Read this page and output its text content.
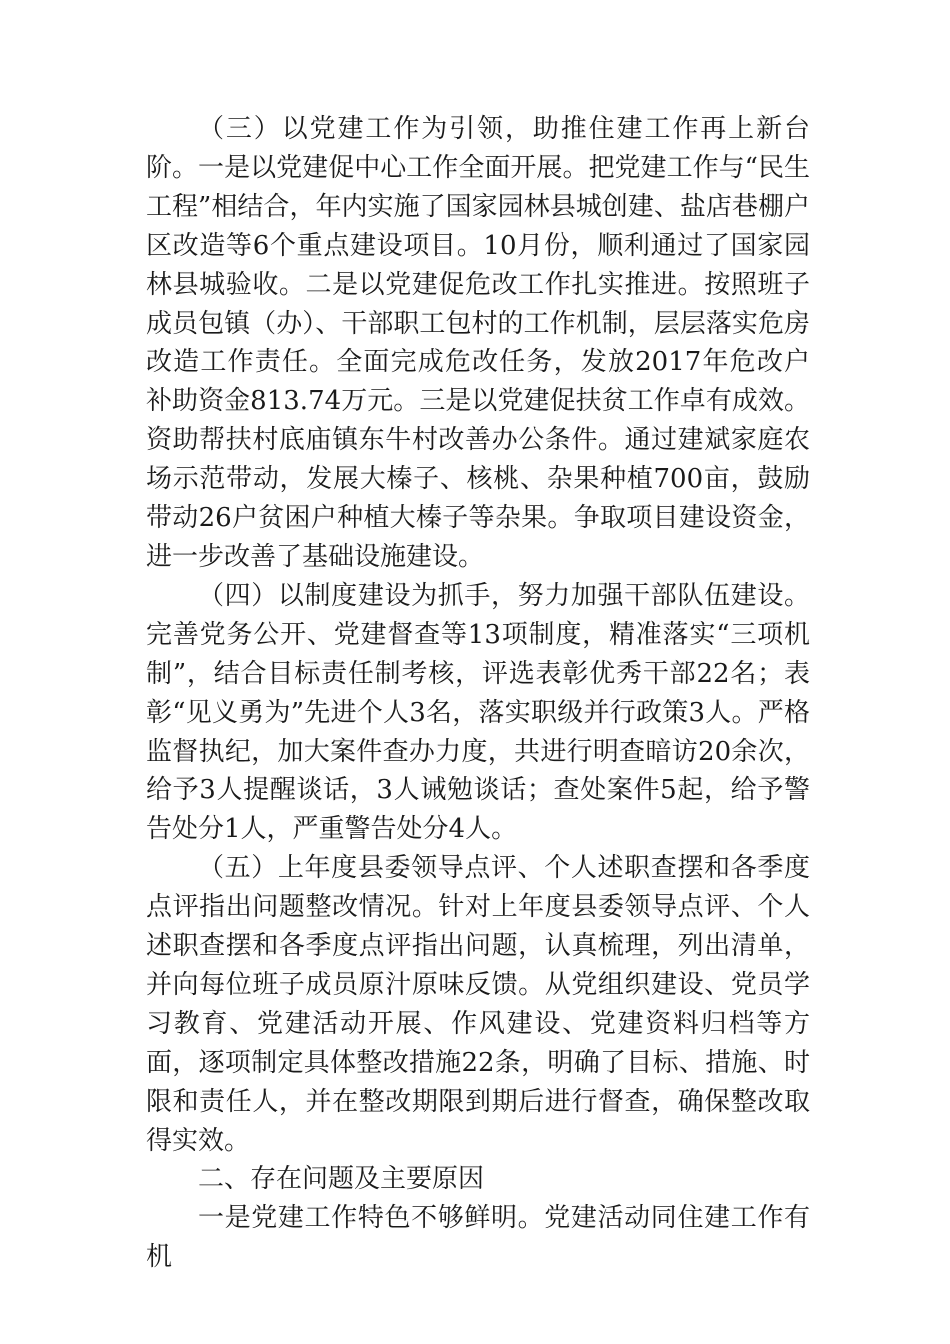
（三）以党建工作为引领，助推住建工作再上新台阶。一是以党建促中心工作全面开展。把党建工作与“民生工程”相结合，年内实施了国家园林县城创建、盐店巷棚户区改造等6个重点建设项目。10月份，顺利通过了国家园林县城验收。二是以党建促危改工作扎实推进。按照班子成员包镇（办）、干部职工包村的工作机制，层层落实危房改造工作责任。全面完成危改任务，发放2017年危改户补助资金813.74万元。三是以党建促扶贫工作卓有成效。资助帮扶村底庙镇东牛村改善办公条件。通过建斌家庭农场示范带动，发展大榛子、核桃、杂果种植700亩，鼓励带动26户贫困户种植大榛子等杂果。争取项目建设资金，进一步改善了基础设施建设。

（四）以制度建设为抓手，努力加强干部队伍建设。完善党务公开、党建督查等13项制度，精准落实“三项机制”，结合目标责任制考核，评选表彰优秀干部22名；表彰“见义勇为”先进个人3名，落实职级并行政策3人。严格监督执纪，加大案件查办力度，共进行明查暗访20余次，给予3人提醒谈话，3人诫勉谈话；查处案件5起，给予警告处分1人，严重警告处分4人。

（五）上年度县委领导点评、个人述职查摆和各季度点评指出问题整改情况。针对上年度县委领导点评、个人述职查摆和各季度点评指出问题，认真梳理，列出清单，并向每位班子成员原汁原味反馈。从党组织建设、党员学习教育、党建活动开展、作风建设、党建资料归档等方面，逐项制定具体整改措施22条，明确了目标、措施、时限和责任人，并在整改期限到期后进行督查，确保整改取得实效。

二、存在问题及主要原因

一是党建工作特色不够鲜明。党建活动同住建工作有机
